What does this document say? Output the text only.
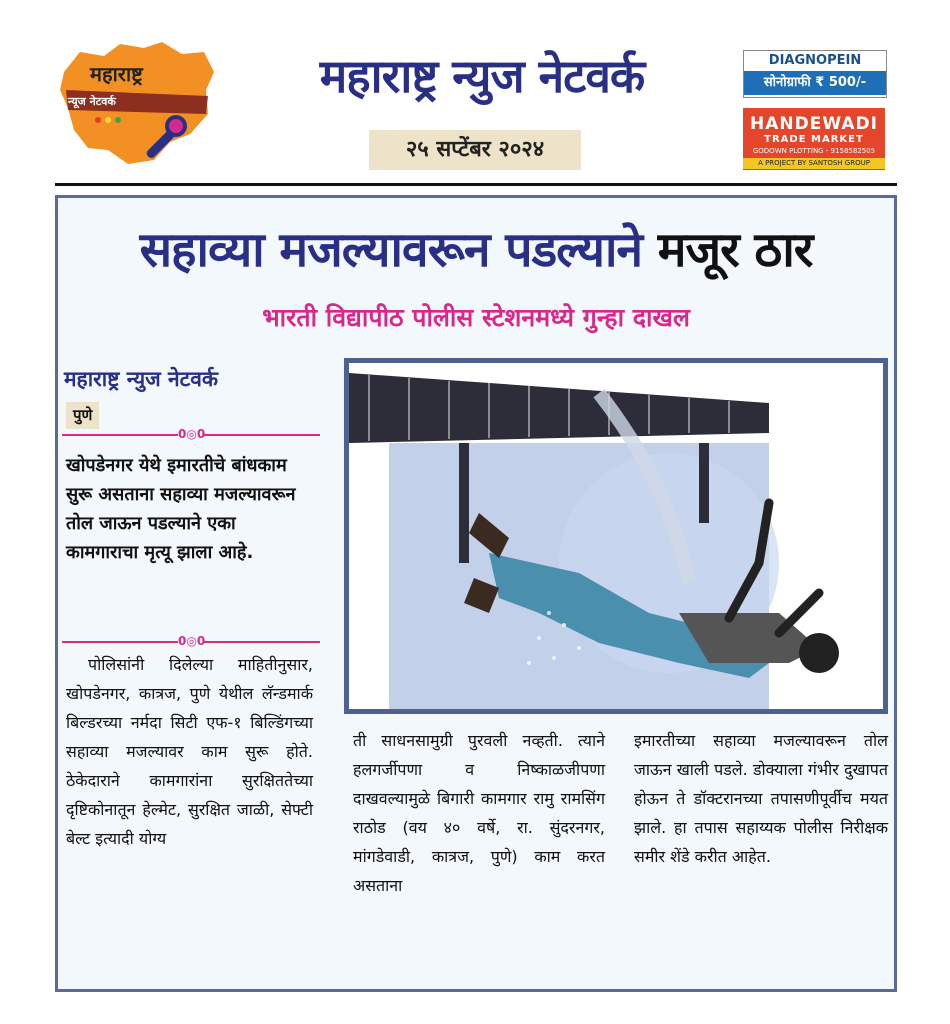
महाराष्ट्र
न्यूज नेटवर्क	महाराष्ट्र न्युज नेटवर्क
२५ सप्टेंबर २०२४
DIAGNOPEIN
सोनोग्राफी ₹ 500/-
HANDEWADI
TRADE MARKET
GODOWN PLOTTING - 9158582505
A PROJECT BY SANTOSH GROUP
सहाव्या मजल्यावरून पडल्याने मजूर ठार
भारती विद्यापीठ पोलीस स्टेशनमध्ये गुन्हा दाखल
महाराष्ट्र न्युज नेटवर्क
पुणे
0◎0
खोपडेनगर येथे इमारतीचे बांधकाम सुरू असताना सहाव्या मजल्यावरून तोल जाऊन पडल्याने एका कामगाराचा मृत्यू झाला आहे.
0◎0
पोलिसांनी दिलेल्या माहितीनुसार, खोपडेनगर, कात्रज, पुणे येथील लॅन्डमार्क बिल्डरच्या नर्मदा सिटी एफ-१ बिल्डिंगच्या सहाव्या मजल्यावर काम सुरू होते. ठेकेदाराने कामगारांना सुरक्षिततेच्या दृष्टिकोनातून हेल्मेट, सुरक्षित जाळी, सेफ्टी बेल्ट इत्यादी योग्य
ती साधनसामुग्री पुरवली नव्हती. त्याने हलगर्जीपणा व निष्काळजीपणा दाखवल्यामुळे बिगारी कामगार रामु रामसिंग राठोड (वय ४० वर्षे, रा. सुंदरनगर, मांगडेवाडी, कात्रज, पुणे) काम करत असताना
इमारतीच्या सहाव्या मजल्यावरून तोल जाऊन खाली पडले. डोक्याला गंभीर दुखापत होऊन ते डॉक्टरानच्या तपासणीपूर्वीच मयत झाले. हा तपास सहाय्यक पोलीस निरीक्षक समीर शेंडे करीत आहेत.
